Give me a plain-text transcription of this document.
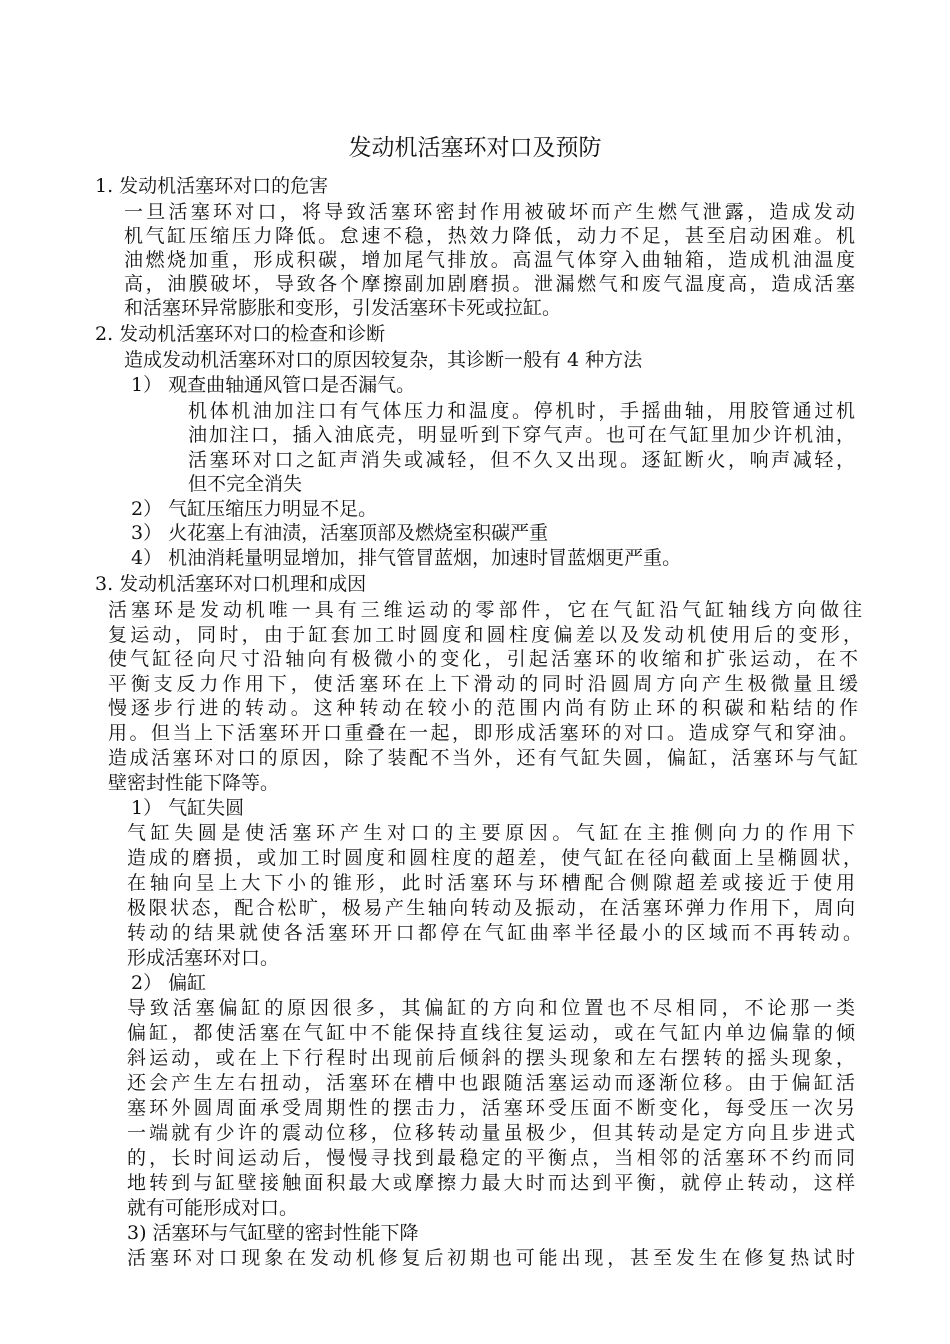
发动机活塞环对口及预防
1. 发动机活塞环对口的危害
一旦活塞环对口，将导致活塞环密封作用被破坏而产生燃气泄露，造成发动
机气缸压缩压力降低。怠速不稳，热效力降低，动力不足，甚至启动困难。机
油燃烧加重，形成积碳，增加尾气排放。高温气体穿入曲轴箱，造成机油温度
高，油膜破坏，导致各个摩擦副加剧磨损。泄漏燃气和废气温度高，造成活塞
和活塞环异常膨胀和变形，引发活塞环卡死或拉缸。
2. 发动机活塞环对口的检查和诊断
造成发动机活塞环对口的原因较复杂，其诊断一般有 4 种方法
1） 观查曲轴通风管口是否漏气。
机体机油加注口有气体压力和温度。停机时，手摇曲轴，用胶管通过机
油加注口，插入油底壳，明显听到下穿气声。也可在气缸里加少许机油，
活塞环对口之缸声消失或减轻，但不久又出现。逐缸断火，响声减轻，
但不完全消失
2） 气缸压缩压力明显不足。
3） 火花塞上有油渍，活塞顶部及燃烧室积碳严重
4） 机油消耗量明显增加，排气管冒蓝烟，加速时冒蓝烟更严重。
3. 发动机活塞环对口机理和成因
活塞环是发动机唯一具有三维运动的零部件，它在气缸沿气缸轴线方向做往
复运动，同时，由于缸套加工时圆度和圆柱度偏差以及发动机使用后的变形，
使气缸径向尺寸沿轴向有极微小的变化，引起活塞环的收缩和扩张运动，在不
平衡支反力作用下，使活塞环在上下滑动的同时沿圆周方向产生极微量且缓
慢逐步行进的转动。这种转动在较小的范围内尚有防止环的积碳和粘结的作
用。但当上下活塞环开口重叠在一起，即形成活塞环的对口。造成穿气和穿油。
造成活塞环对口的原因，除了装配不当外，还有气缸失圆，偏缸，活塞环与气缸
壁密封性能下降等。
1） 气缸失圆
气缸失圆是使活塞环产生对口的主要原因。气缸在主推侧向力的作用下
造成的磨损，或加工时圆度和圆柱度的超差，使气缸在径向截面上呈椭圆状，
在轴向呈上大下小的锥形，此时活塞环与环槽配合侧隙超差或接近于使用
极限状态，配合松旷，极易产生轴向转动及振动，在活塞环弹力作用下，周向
转动的结果就使各活塞环开口都停在气缸曲率半径最小的区域而不再转动。
形成活塞环对口。
2） 偏缸
导致活塞偏缸的原因很多，其偏缸的方向和位置也不尽相同，不论那一类
偏缸，都使活塞在气缸中不能保持直线往复运动，或在气缸内单边偏靠的倾
斜运动，或在上下行程时出现前后倾斜的摆头现象和左右摆转的摇头现象，
还会产生左右扭动，活塞环在槽中也跟随活塞运动而逐渐位移。由于偏缸活
塞环外圆周面承受周期性的摆击力，活塞环受压面不断变化，每受压一次另
一端就有少许的震动位移，位移转动量虽极少，但其转动是定方向且步进式
的，长时间运动后，慢慢寻找到最稳定的平衡点，当相邻的活塞环不约而同
地转到与缸壁接触面积最大或摩擦力最大时而达到平衡，就停止转动，这样
就有可能形成对口。
3) 活塞环与气缸壁的密封性能下降
活塞环对口现象在发动机修复后初期也可能出现，甚至发生在修复热试时
